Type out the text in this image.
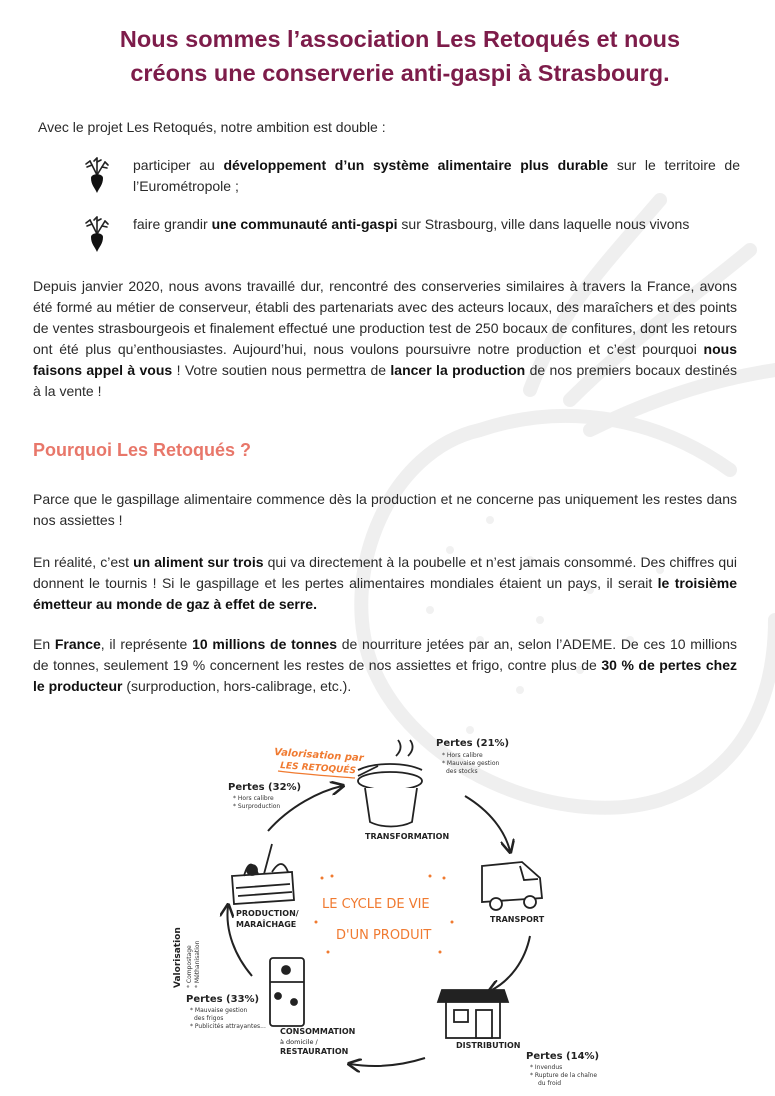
Nous sommes l’association Les Retoqués et nous
créons une conserverie anti-gaspi à Strasbourg.

Avec le projet Les Retoqués, notre ambition est double :

participer au développement d’un système alimentaire plus durable sur le territoire de l’Eurométropole ;

faire grandir une communauté anti-gaspi sur Strasbourg, ville dans laquelle nous vivons

Depuis janvier 2020, nous avons travaillé dur, rencontré des conserveries similaires à travers la France, avons été formé au métier de conserveur, établi des partenariats avec des acteurs locaux, des maraîchers et des points de ventes strasbourgeois et finalement effectué une production test de 250 bocaux de confitures, dont les retours ont été plus qu’enthousiastes. Aujourd’hui, nous voulons poursuivre notre production et c’est pourquoi nous faisons appel à vous ! Votre soutien nous permettra de lancer la production de nos premiers bocaux destinés à la vente !

Pourquoi Les Retoqués ?

Parce que le gaspillage alimentaire commence dès la production et ne concerne pas uniquement les restes dans nos assiettes !

En réalité, c’est un aliment sur trois qui va directement à la poubelle et n’est jamais consommé. Des chiffres qui donnent le tournis ! Si le gaspillage et les pertes alimentaires mondiales étaient un pays, il serait le troisième émetteur au monde de gaz à effet de serre.

En France, il représente 10 millions de tonnes de nourriture jetées par an, selon l’ADEME. De ces 10 millions de tonnes, seulement 19 % concernent les restes de nos assiettes et frigo, contre plus de 30 % de pertes chez le producteur (surproduction, hors-calibrage, etc.).

Valorisation par
LES RETOQUÉS
TRANSFORMATION
Pertes (21%)
* Hors calibre
* Mauvaise gestion
des stocks
Pertes (32%)
* Hors calibre
* Surproduction
TRANSPORT
PRODUCTION/
MARAÎCHAGE
LE CYCLE DE VIE
D'UN PRODUIT
Valorisation * Compostage * Méthanisation
CONSOMMATION
à domicile /
RESTAURATION
Pertes (33%)
* Mauvaise gestion
des frigos
* Publicités attrayantes...
DISTRIBUTION
Pertes (14%)
* Invendus
* Rupture de la chaîne
du froid
